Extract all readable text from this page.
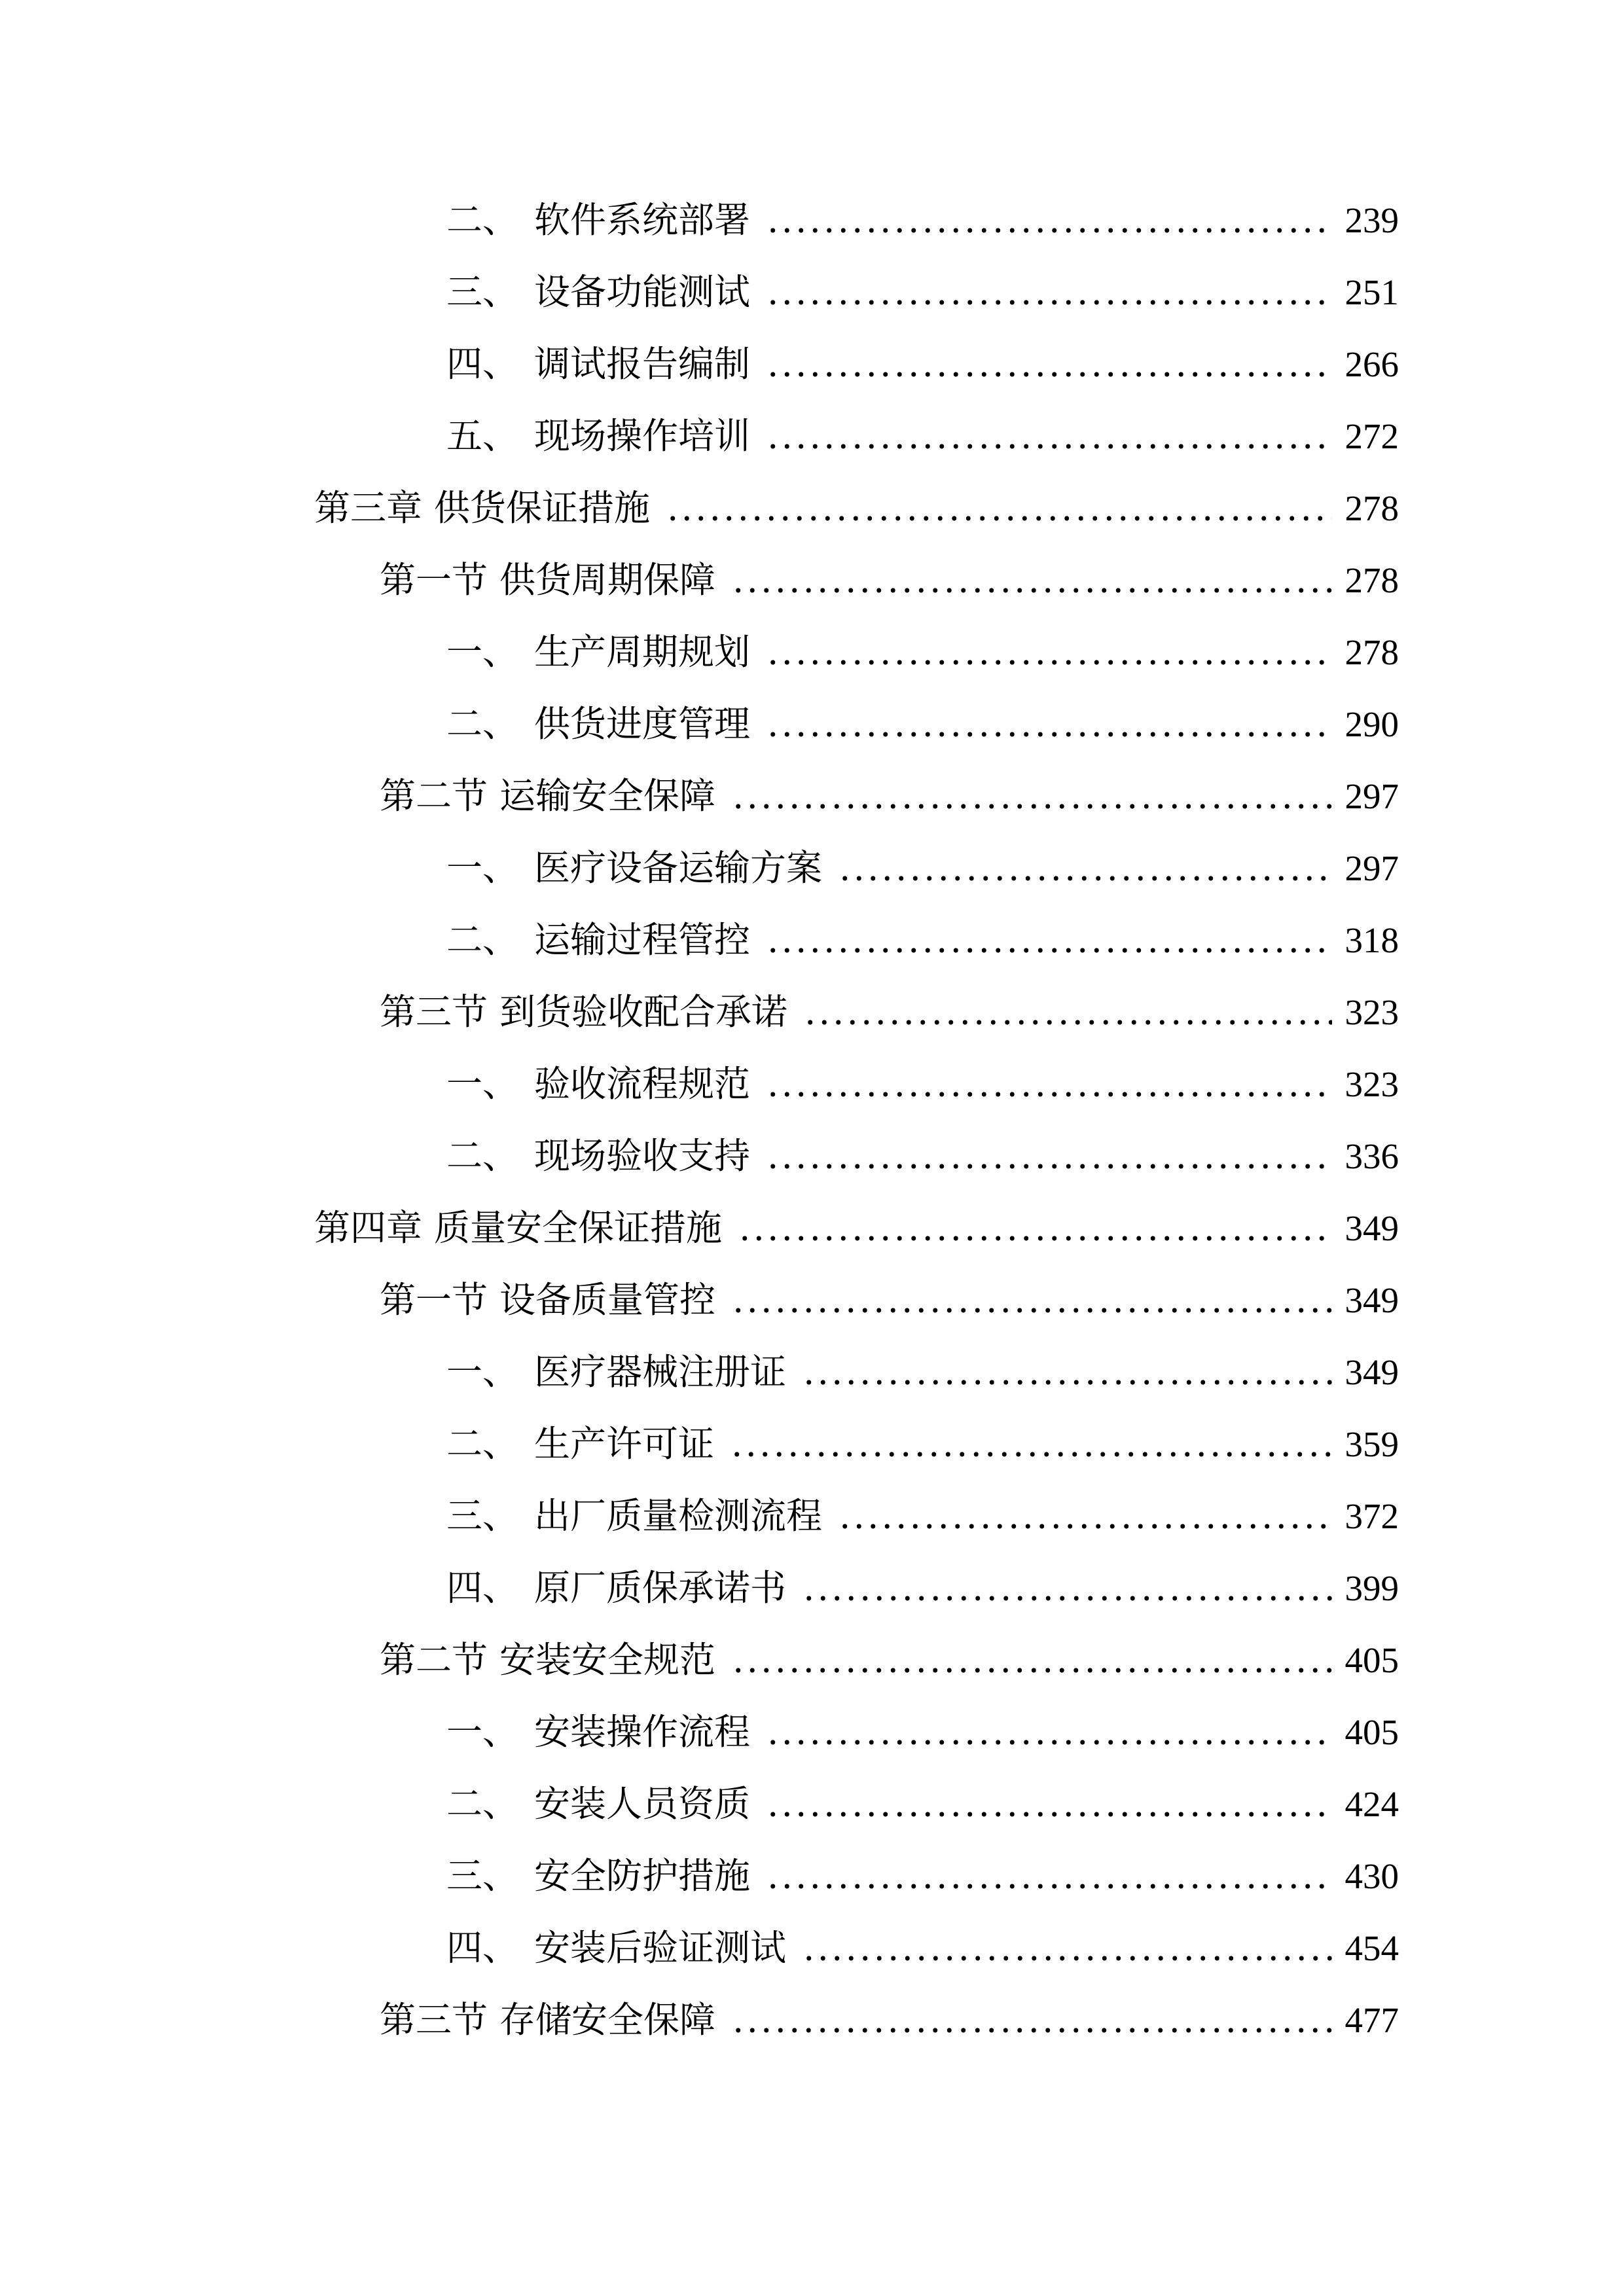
二、 软件系统部署	239
三、 设备功能测试	251
四、 调试报告编制	266
五、 现场操作培训	272
第三章 供货保证措施	278
第一节 供货周期保障	278
一、 生产周期规划	278
二、 供货进度管理	290
第二节 运输安全保障	297
一、 医疗设备运输方案	297
二、 运输过程管控	318
第三节 到货验收配合承诺	323
一、 验收流程规范	323
二、 现场验收支持	336
第四章 质量安全保证措施	349
第一节 设备质量管控	349
一、 医疗器械注册证	349
二、 生产许可证	359
三、 出厂质量检测流程	372
四、 原厂质保承诺书	399
第二节 安装安全规范	405
一、 安装操作流程	405
二、 安装人员资质	424
三、 安全防护措施	430
四、 安装后验证测试	454
第三节 存储安全保障	477
